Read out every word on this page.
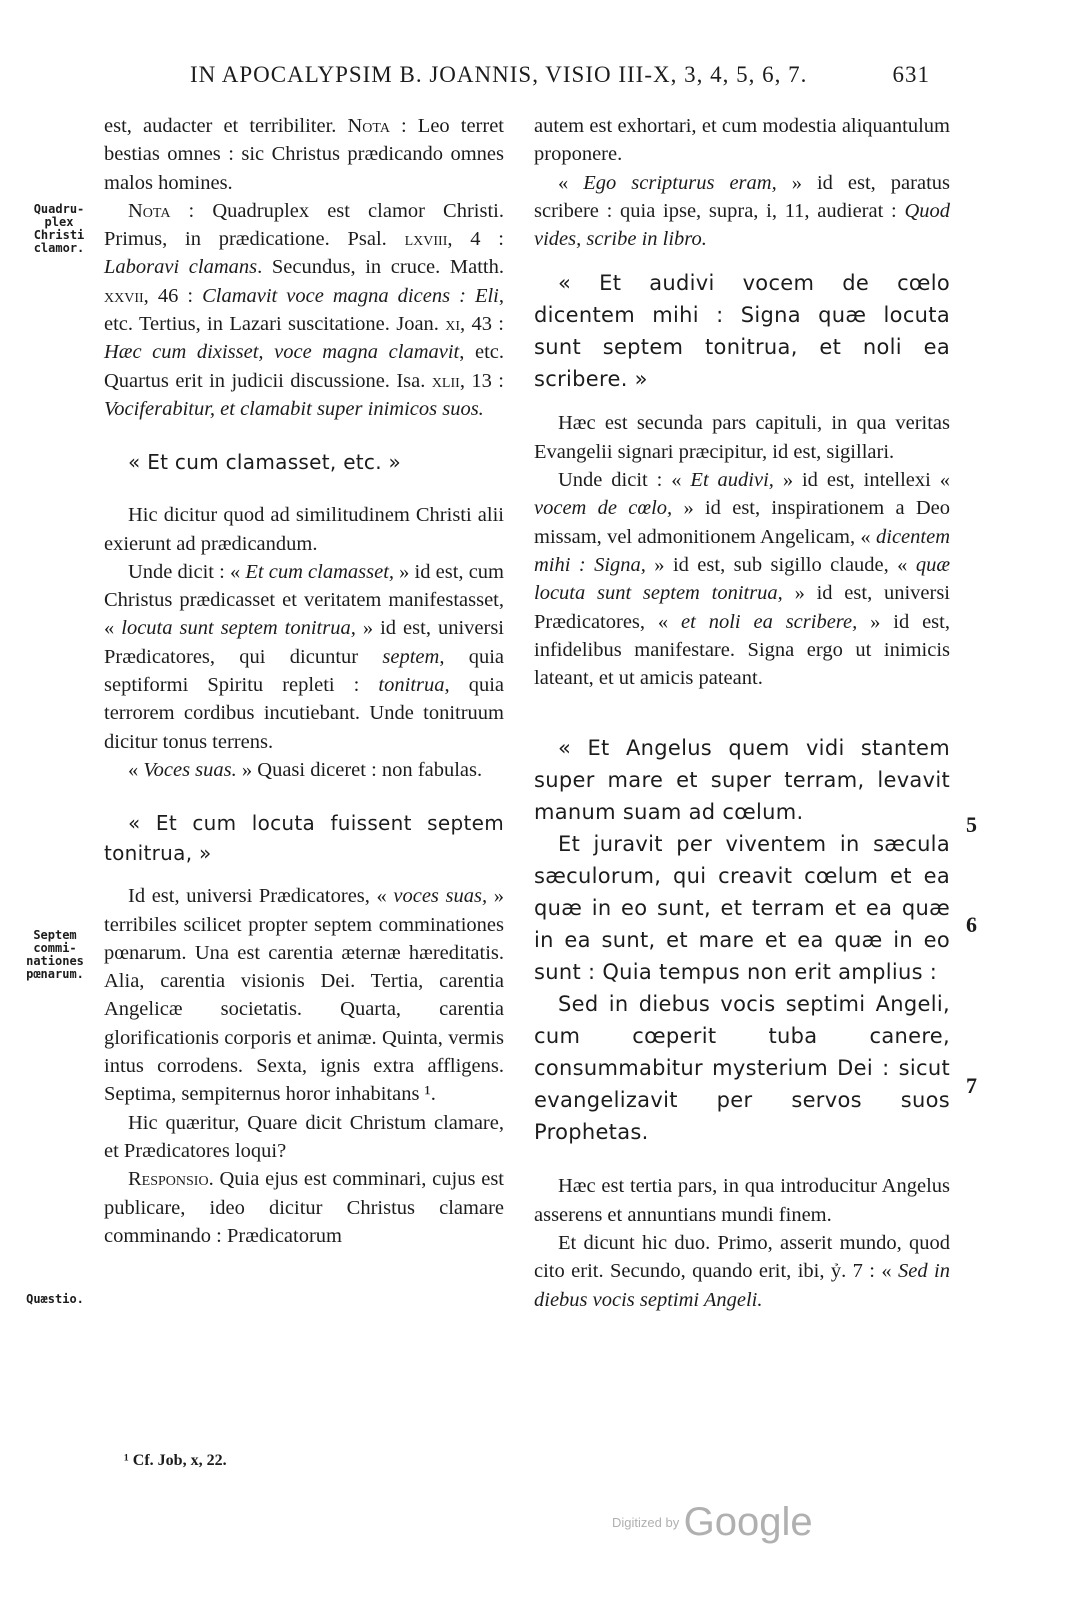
IN APOCALYPSIM B. JOANNIS, VISIO III-X, 3, 4, 5, 6, 7.	631
Quadru-
plex
Christi
clamor.
Septem
commi-
nationes
pœnarum.
Quæstio.
5
6
7

est, audacter et terribiliter. Nota : Leo terret bestias omnes : sic Christus prædicando omnes malos homines.

Nota : Quadruplex est clamor Christi. Primus, in prædicatione. Psal. lxviii, 4 : Laboravi clamans. Secundus, in cruce. Matth. xxvii, 46 : Clamavit voce magna dicens : Eli, etc. Tertius, in Lazari suscitatione. Joan. xi, 43 : Hæc cum dixisset, voce magna clamavit, etc. Quartus erit in judicii discussione. Isa. xlii, 13 : Vociferabitur, et clamabit super inimicos suos.

« Et cum clamasset, etc. »

Hic dicitur quod ad similitudinem Christi alii exierunt ad prædicandum.

Unde dicit : « Et cum clamasset, » id est, cum Christus prædicasset et veritatem manifestasset, « locuta sunt septem tonitrua, » id est, universi Prædicatores, qui dicuntur septem, quia septiformi Spiritu repleti : tonitrua, quia terrorem cordibus incutiebant. Unde tonitruum dicitur tonus terrens.

« Voces suas. » Quasi diceret : non fabulas.

« Et cum locuta fuissent septem tonitrua, »

Id est, universi Prædicatores, « voces suas, » terribiles scilicet propter septem comminationes pœnarum. Una est carentia æternæ hæreditatis. Alia, carentia visionis Dei. Tertia, carentia Angelicæ societatis. Quarta, carentia glorificationis corporis et animæ. Quinta, vermis intus corrodens. Sexta, ignis extra affligens. Septima, sempiternus horor inhabitans ¹.

Hic quæritur, Quare dicit Christum clamare, et Prædicatores loqui?

Responsio. Quia ejus est comminari, cujus est publicare, ideo dicitur Christus clamare comminando : Prædicatorum

autem est exhortari, et cum modestia aliquantulum proponere.

« Ego scripturus eram, » id est, paratus scribere : quia ipse, supra, i, 11, audierat : Quod vides, scribe in libro.

« Et audivi vocem de cœlo dicentem mihi : Signa quæ locuta sunt septem tonitrua, et noli ea scribere. »

Hæc est secunda pars capituli, in qua veritas Evangelii signari præcipitur, id est, sigillari.

Unde dicit : « Et audivi, » id est, intellexi « vocem de cœlo, » id est, inspirationem a Deo missam, vel admonitionem Angelicam, « dicentem mihi : Signa, » id est, sub sigillo claude, « quæ locuta sunt septem tonitrua, » id est, universi Prædicatores, « et noli ea scribere, » id est, infidelibus manifestare. Signa ergo ut inimicis lateant, et ut amicis pateant.

« Et Angelus quem vidi stantem super mare et super terram, levavit manum suam ad cœlum.

Et juravit per viventem in sæcula sæculorum, qui creavit cœlum et ea quæ in eo sunt, et terram et ea quæ in ea sunt, et mare et ea quæ in eo sunt : Quia tempus non erit amplius :

Sed in diebus vocis septimi Angeli, cum cœperit tuba canere, consummabitur mysterium Dei : sicut evangelizavit per servos suos Prophetas.

Hæc est tertia pars, in qua introducitur Angelus asserens et annuntians mundi finem.

Et dicunt hic duo. Primo, asserit mundo, quod cito erit. Secundo, quando erit, ibi, ỷ. 7 : « Sed in diebus vocis septimi Angeli.

¹ Cf. Job, x, 22.
Digitized by Google
